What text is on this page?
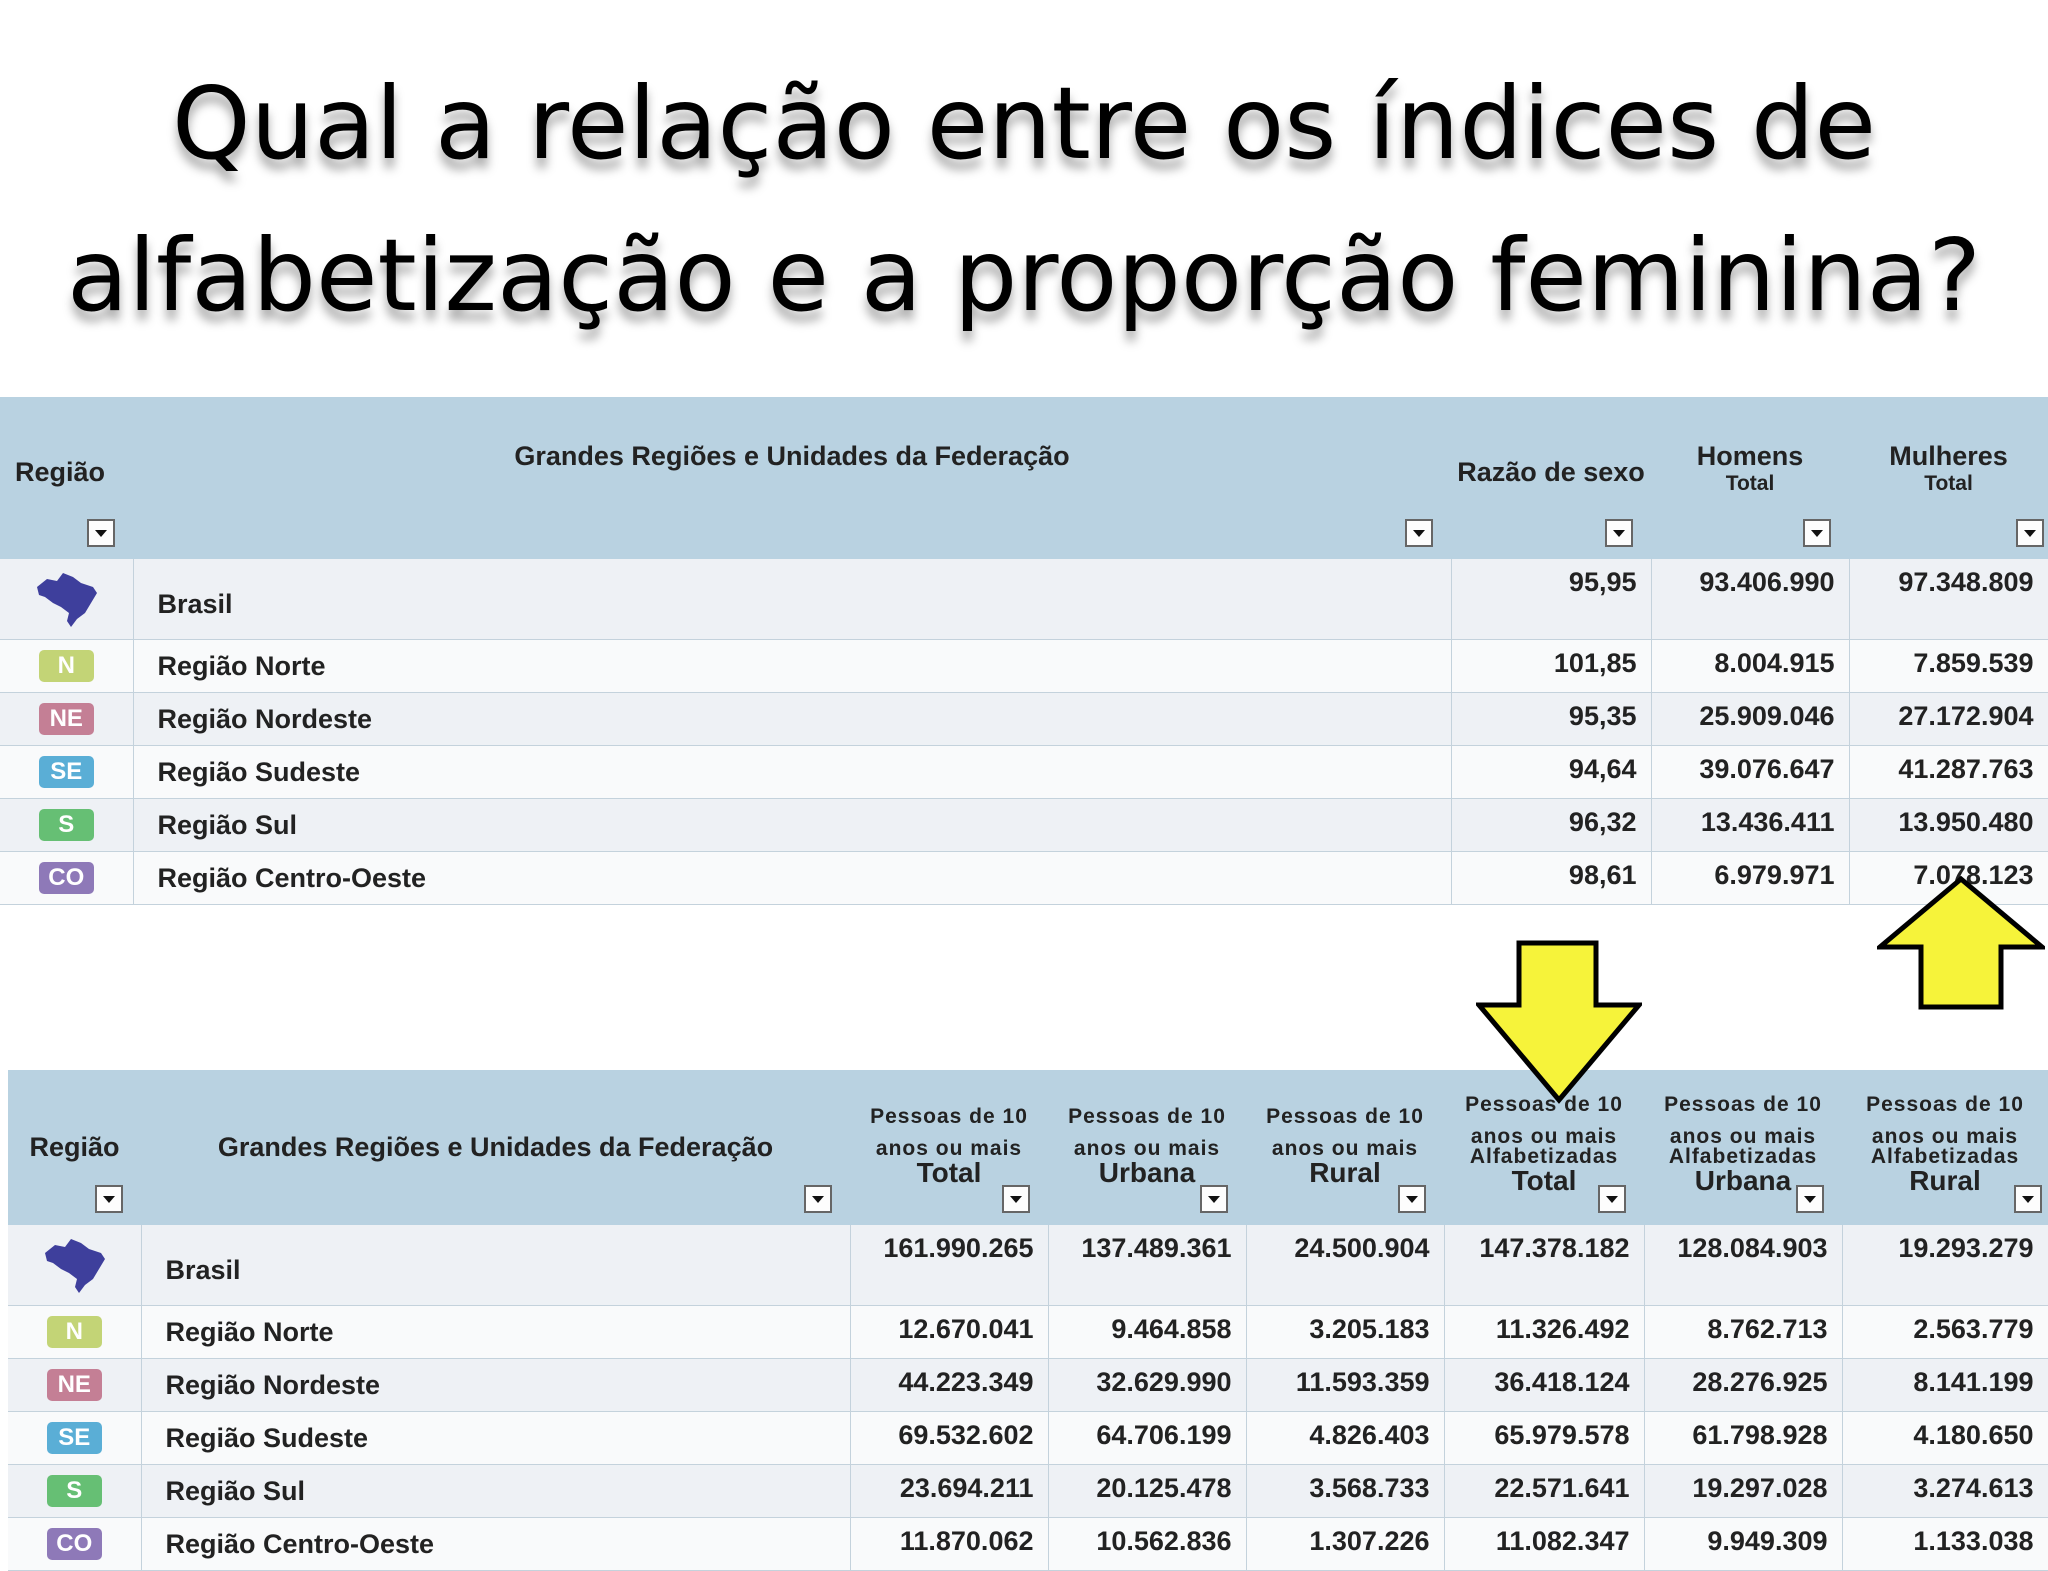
Qual a relação entre os índices de
alfabetização e a proporção feminina?
Região	Grandes Regiões e Unidades da Federação	Razão de sexo	Homens
Total	Mulheres
Total

	Brasil	95,95	93.406.990	97.348.809
N	Região Norte	101,85	8.004.915	7.859.539
NE	Região Nordeste	95,35	25.909.046	27.172.904
SE	Região Sudeste	94,64	39.076.647	41.287.763
S	Região Sul	96,32	13.436.411	13.950.480
CO	Região Centro-Oeste	98,61	6.979.971	7.078.123
Região	Grandes Regiões e Unidades da Federação	Pessoas de 10
anos ou mais
Total	Pessoas de 10
anos ou mais
Urbana	Pessoas de 10
anos ou mais
Rural	Pessoas de 10
anos ou mais
Alfabetizadas
Total	Pessoas de 10
anos ou mais
Alfabetizadas
Urbana	Pessoas de 10
anos ou mais
Alfabetizadas
Rural

	Brasil	161.990.265	137.489.361	24.500.904	147.378.182	128.084.903	19.293.279
N	Região Norte	12.670.041	9.464.858	3.205.183	11.326.492	8.762.713	2.563.779
NE	Região Nordeste	44.223.349	32.629.990	11.593.359	36.418.124	28.276.925	8.141.199
SE	Região Sudeste	69.532.602	64.706.199	4.826.403	65.979.578	61.798.928	4.180.650
S	Região Sul	23.694.211	20.125.478	3.568.733	22.571.641	19.297.028	3.274.613
CO	Região Centro-Oeste	11.870.062	10.562.836	1.307.226	11.082.347	9.949.309	1.133.038
